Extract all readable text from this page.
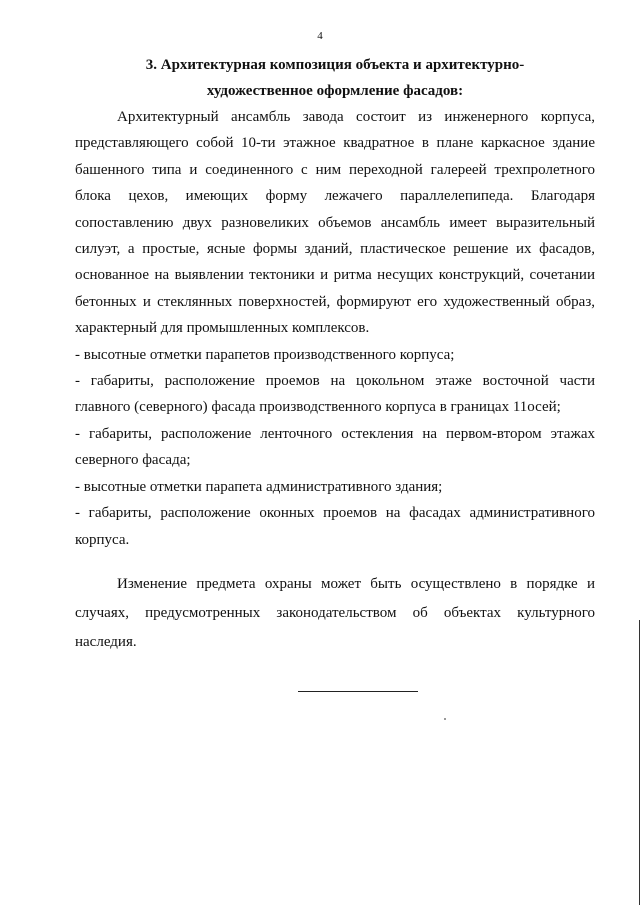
4
3. Архитектурная композиция объекта и архитектурно-
художественное оформление фасадов:

Архитектурный ансамбль завода состоит из инженерного корпуса, представляющего собой 10-ти этажное квадратное в плане каркасное здание башенного типа и соединенного с ним переходной галереей трехпролетного блока цехов, имеющих форму лежачего параллелепипеда. Благодаря сопоставлению двух разновеликих объемов ансамбль имеет выразительный силуэт, а простые, ясные формы зданий, пластическое решение их фасадов, основанное на выявлении тектоники и ритма несущих конструкций, сочетании бетонных и стеклянных поверхностей, формируют его художественный образ, характерный для промышленных комплексов.

- высотные отметки парапетов производственного корпуса;

- габариты, расположение проемов на цокольном этаже восточной части главного (северного) фасада производственного корпуса в границах 11осей;

- габариты, расположение ленточного остекления на первом-втором этажах северного фасада;

- высотные отметки парапета административного здания;

- габариты, расположение оконных проемов на фасадах административного корпуса.

Изменение предмета охраны может быть осуществлено в порядке и случаях, предусмотренных законодательством об объектах культурного наследия.
